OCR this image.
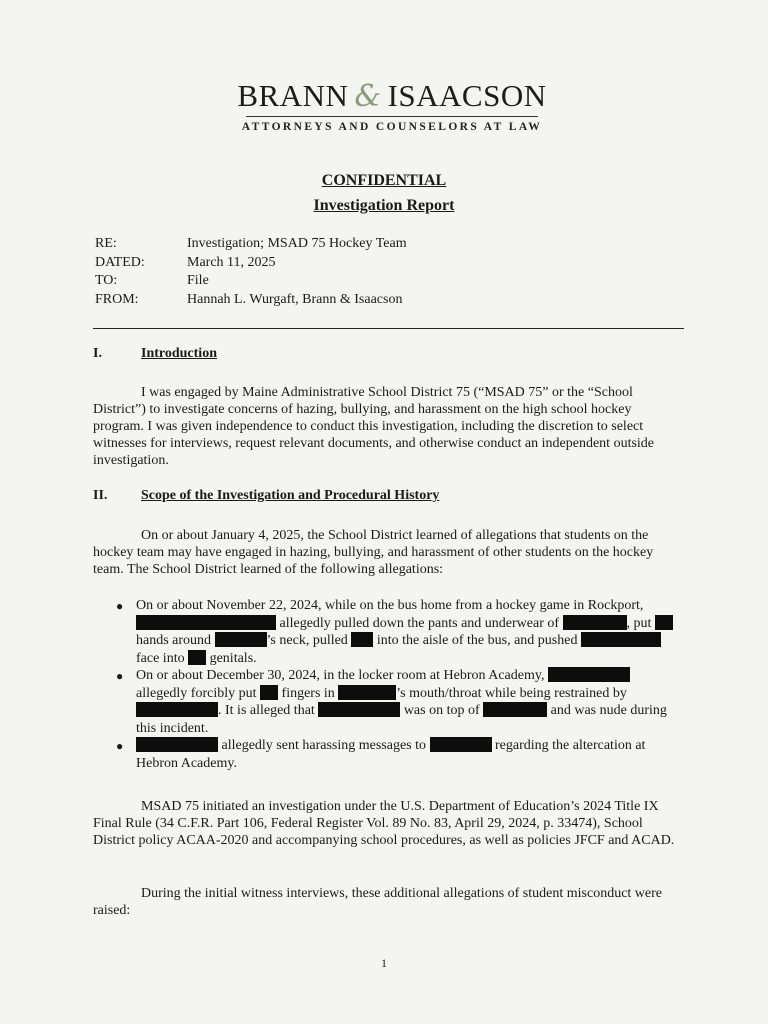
BRANN & ISAACSON
ATTORNEYS AND COUNSELORS AT LAW
CONFIDENTIAL
Investigation Report
RE:	Investigation; MSAD 75 Hockey Team
DATED:	March 11, 2025
TO:	File
FROM:	Hannah L. Wurgaft, Brann & Isaacson
I.	Introduction

I was engaged by Maine Administrative School District 75 (“MSAD 75” or the “School District”) to investigate concerns of hazing, bullying, and harassment on the high school hockey program. I was given independence to conduct this investigation, including the discretion to select witnesses for interviews, request relevant documents, and otherwise conduct an independent outside investigation.

II.	Scope of the Investigation and Procedural History

On or about January 4, 2025, the School District learned of allegations that students on the hockey team may have engaged in hazing, bullying, and harassment of other students on the hockey team. The School District learned of the following allegations:

● On or about November 22, 2024, while on the bus home from a hockey game in Rockport,  allegedly pulled down the pants and underwear of	, put  hands around	’s neck, pulled into the aisle of the bus, and pushed  face into genitals.
● On or about December 30, 2024, in the locker room at Hebron Academy,  allegedly forcibly put fingers in	’s mouth/throat while being restrained by . It is alleged that	was on top of	and was nude during this incident.
●	allegedly sent harassing messages to	regarding the altercation at Hebron Academy.

MSAD 75 initiated an investigation under the U.S. Department of Education’s 2024 Title IX Final Rule (34 C.F.R. Part 106, Federal Register Vol. 89 No. 83, April 29, 2024, p. 33474), School District policy ACAA-2020 and accompanying school procedures, as well as policies JFCF and ACAD.

During the initial witness interviews, these additional allegations of student misconduct were raised:

1
